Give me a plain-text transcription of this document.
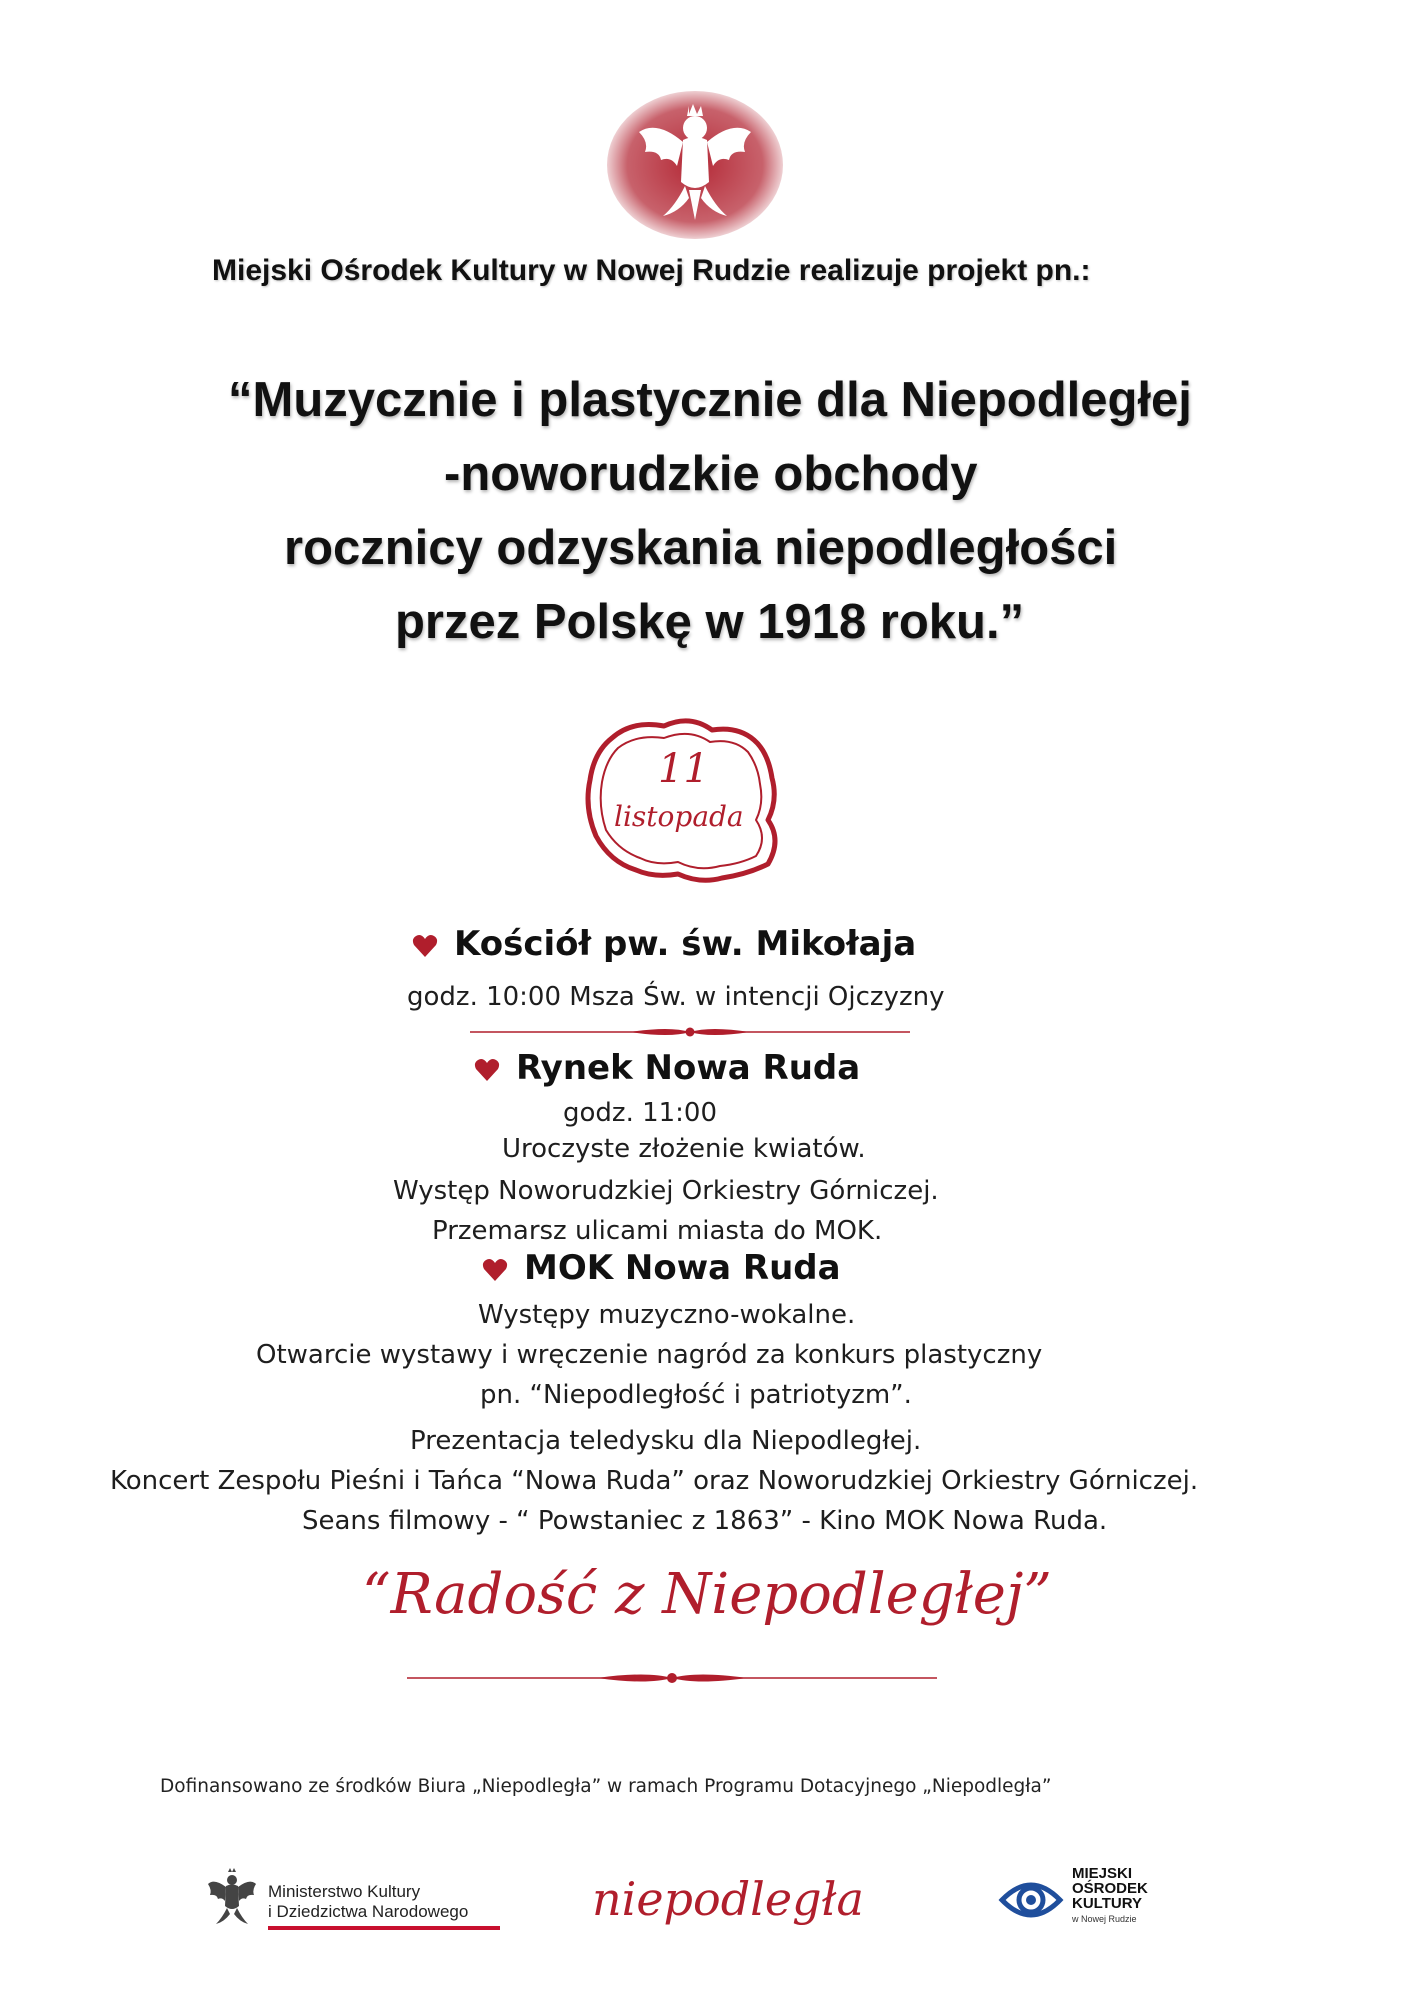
Miejski Ośrodek Kultury w Nowej Rudzie realizuje projekt pn.:
“Muzycznie i plastycznie dla Niepodległej
-noworudzkie obchody
rocznicy odzyskania niepodległości
przez Polskę w 1918 roku.”
11
listopada
Kościół pw. św. Mikołaja
godz. 10:00 Msza Św. w intencji Ojczyzny
Rynek Nowa Ruda
godz. 11:00
Uroczyste złożenie kwiatów.
Występ Noworudzkiej Orkiestry Górniczej.
Przemarsz ulicami miasta do MOK.
MOK Nowa Ruda
Występy muzyczno-wokalne.
Otwarcie wystawy i wręczenie nagród za konkurs plastyczny
pn. “Niepodległość i patriotyzm”.
Prezentacja teledysku dla Niepodległej.
Koncert Zespołu Pieśni i Tańca “Nowa Ruda” oraz Noworudzkiej Orkiestry Górniczej.
Seans filmowy - “ Powstaniec z 1863” - Kino MOK Nowa Ruda.
“Radość z Niepodległej”
Dofinansowano ze środków Biura „Niepodległa” w ramach Programu Dotacyjnego „Niepodległa”
Ministerstwo Kultury
i Dziedzictwa Narodowego	niepodległa	MIEJSKI
OŚRODEK
KULTURY
w Nowej Rudzie
